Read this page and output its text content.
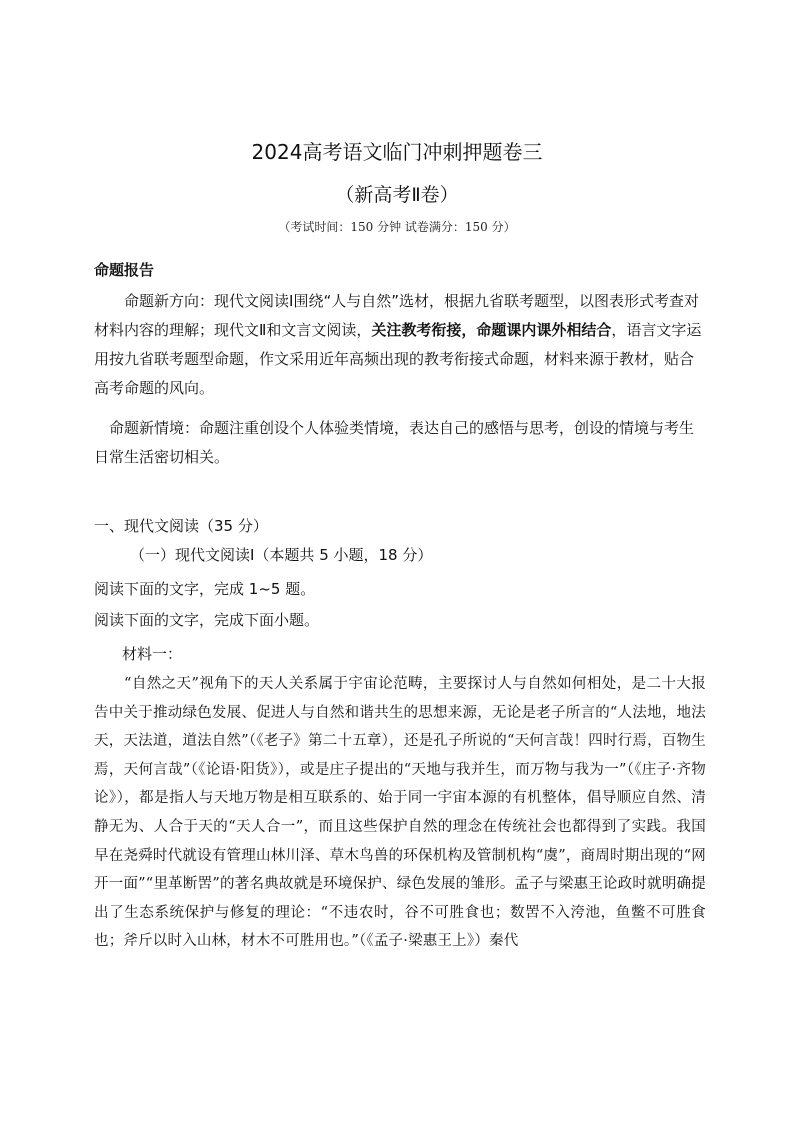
2024高考语文临门冲刺押题卷三
（新高考Ⅱ卷）
（考试时间：150 分钟 试卷满分：150 分）
命题报告
命题新方向：现代文阅读Ⅰ围绕“人与自然”选材，根据九省联考题型，以图表形式考查对材料内容的理解；现代文Ⅱ和文言文阅读，关注教考衔接，命题课内课外相结合，语言文字运用按九省联考题型命题，作文采用近年高频出现的教考衔接式命题，材料来源于教材，贴合高考命题的风向。
命题新情境：命题注重创设个人体验类情境，表达自己的感悟与思考，创设的情境与考生日常生活密切相关。
一、现代文阅读（35 分）
（一）现代文阅读Ⅰ（本题共 5 小题，18 分）
阅读下面的文字，完成 1~5 题。
阅读下面的文字，完成下面小题。
材料一：
“自然之天”视角下的天人关系属于宇宙论范畴，主要探讨人与自然如何相处，是二十大报告中关于推动绿色发展、促进人与自然和谐共生的思想来源，无论是老子所言的“人法地，地法天，天法道，道法自然”（《老子》第二十五章），还是孔子所说的“天何言哉！四时行焉，百物生焉，天何言哉”（《论语·阳货》），或是庄子提出的“天地与我并生，而万物与我为一”（《庄子·齐物论》），都是指人与天地万物是相互联系的、始于同一宇宙本源的有机整体，倡导顺应自然、清静无为、人合于天的“天人合一”，而且这些保护自然的理念在传统社会也都得到了实践。我国早在尧舜时代就设有管理山林川泽、草木鸟兽的环保机构及管制机构“虞”，商周时期出现的“网开一面”“里革断罟”的著名典故就是环境保护、绿色发展的雏形。孟子与梁惠王论政时就明确提出了生态系统保护与修复的理论：“不违农时，谷不可胜食也；数罟不入洿池，鱼鳖不可胜食也；斧斤以时入山林，材木不可胜用也。”（《孟子·梁惠王上》）秦代
